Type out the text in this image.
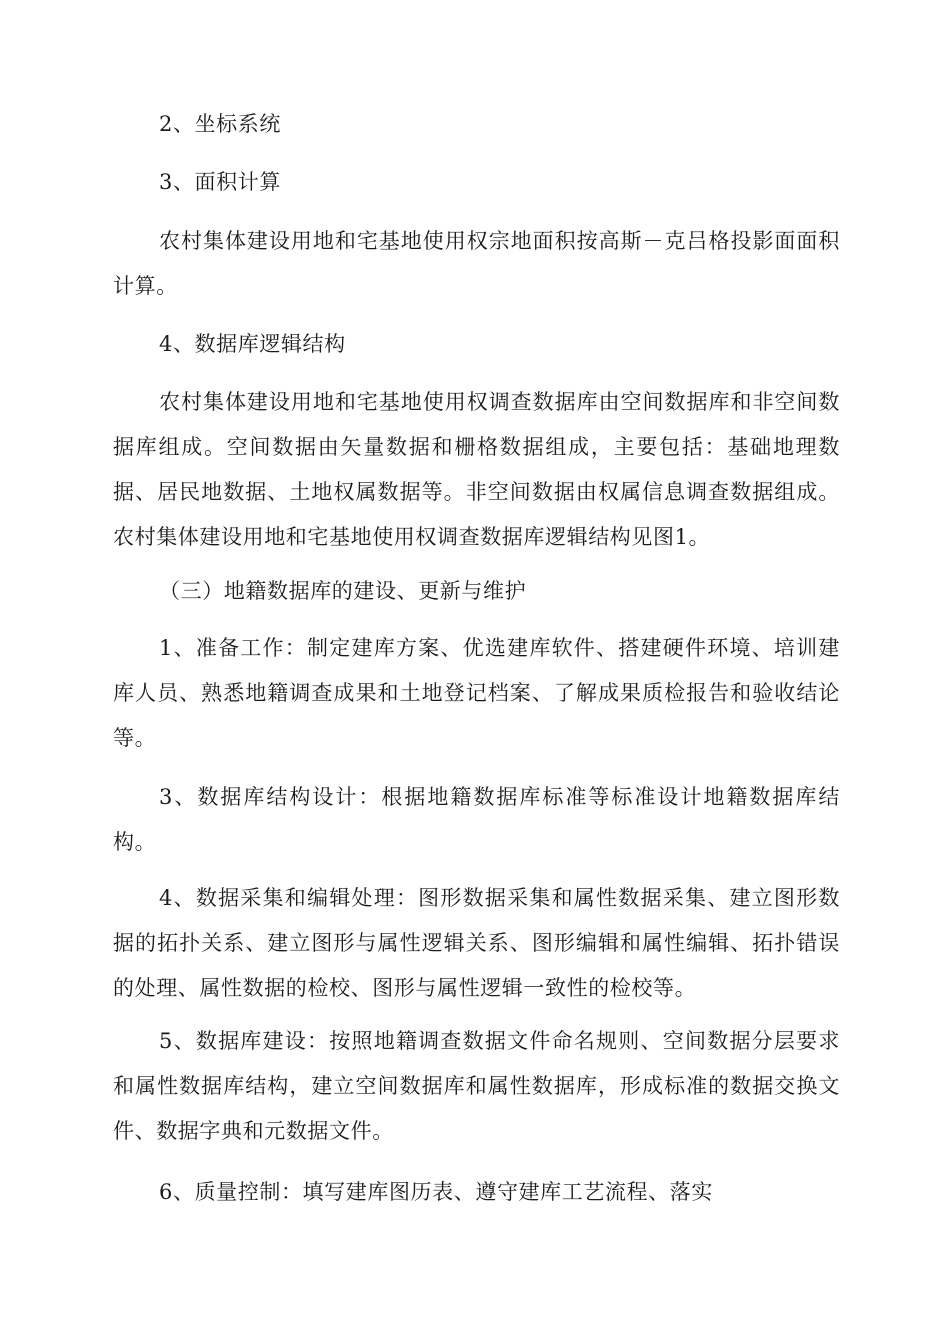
2、坐标系统

3、面积计算

农村集体建设用地和宅基地使用权宗地面积按高斯－克吕格投影面面积计算。

4、数据库逻辑结构

农村集体建设用地和宅基地使用权调查数据库由空间数据库和非空间数据库组成。空间数据由矢量数据和栅格数据组成，主要包括：基础地理数据、居民地数据、土地权属数据等。非空间数据由权属信息调查数据组成。农村集体建设用地和宅基地使用权调查数据库逻辑结构见图1。

（三）地籍数据库的建设、更新与维护

1、准备工作：制定建库方案、优选建库软件、搭建硬件环境、培训建库人员、熟悉地籍调查成果和土地登记档案、了解成果质检报告和验收结论等。

3、数据库结构设计：根据地籍数据库标准等标准设计地籍数据库结构。

4、数据采集和编辑处理：图形数据采集和属性数据采集、建立图形数据的拓扑关系、建立图形与属性逻辑关系、图形编辑和属性编辑、拓扑错误的处理、属性数据的检校、图形与属性逻辑一致性的检校等。

5、数据库建设：按照地籍调查数据文件命名规则、空间数据分层要求和属性数据库结构，建立空间数据库和属性数据库，形成标准的数据交换文件、数据字典和元数据文件。

6、质量控制：填写建库图历表、遵守建库工艺流程、落实
